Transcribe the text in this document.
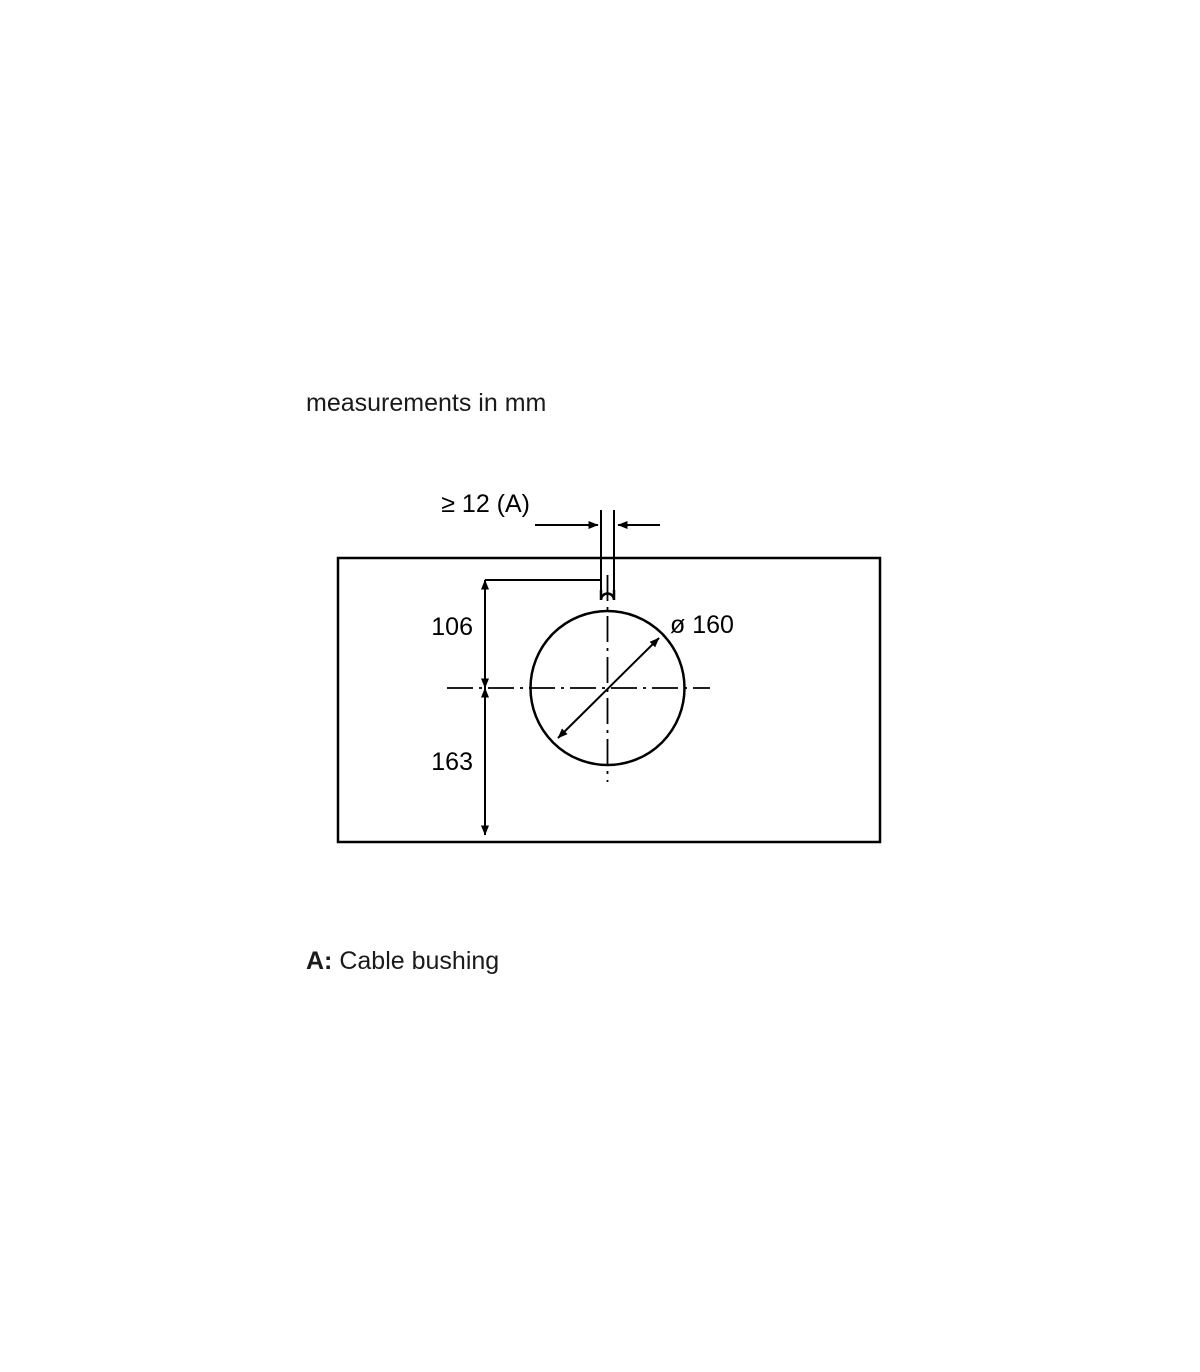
measurements in mm
≥ 12 (A)
106
163
ø 160
A: Cable bushing
